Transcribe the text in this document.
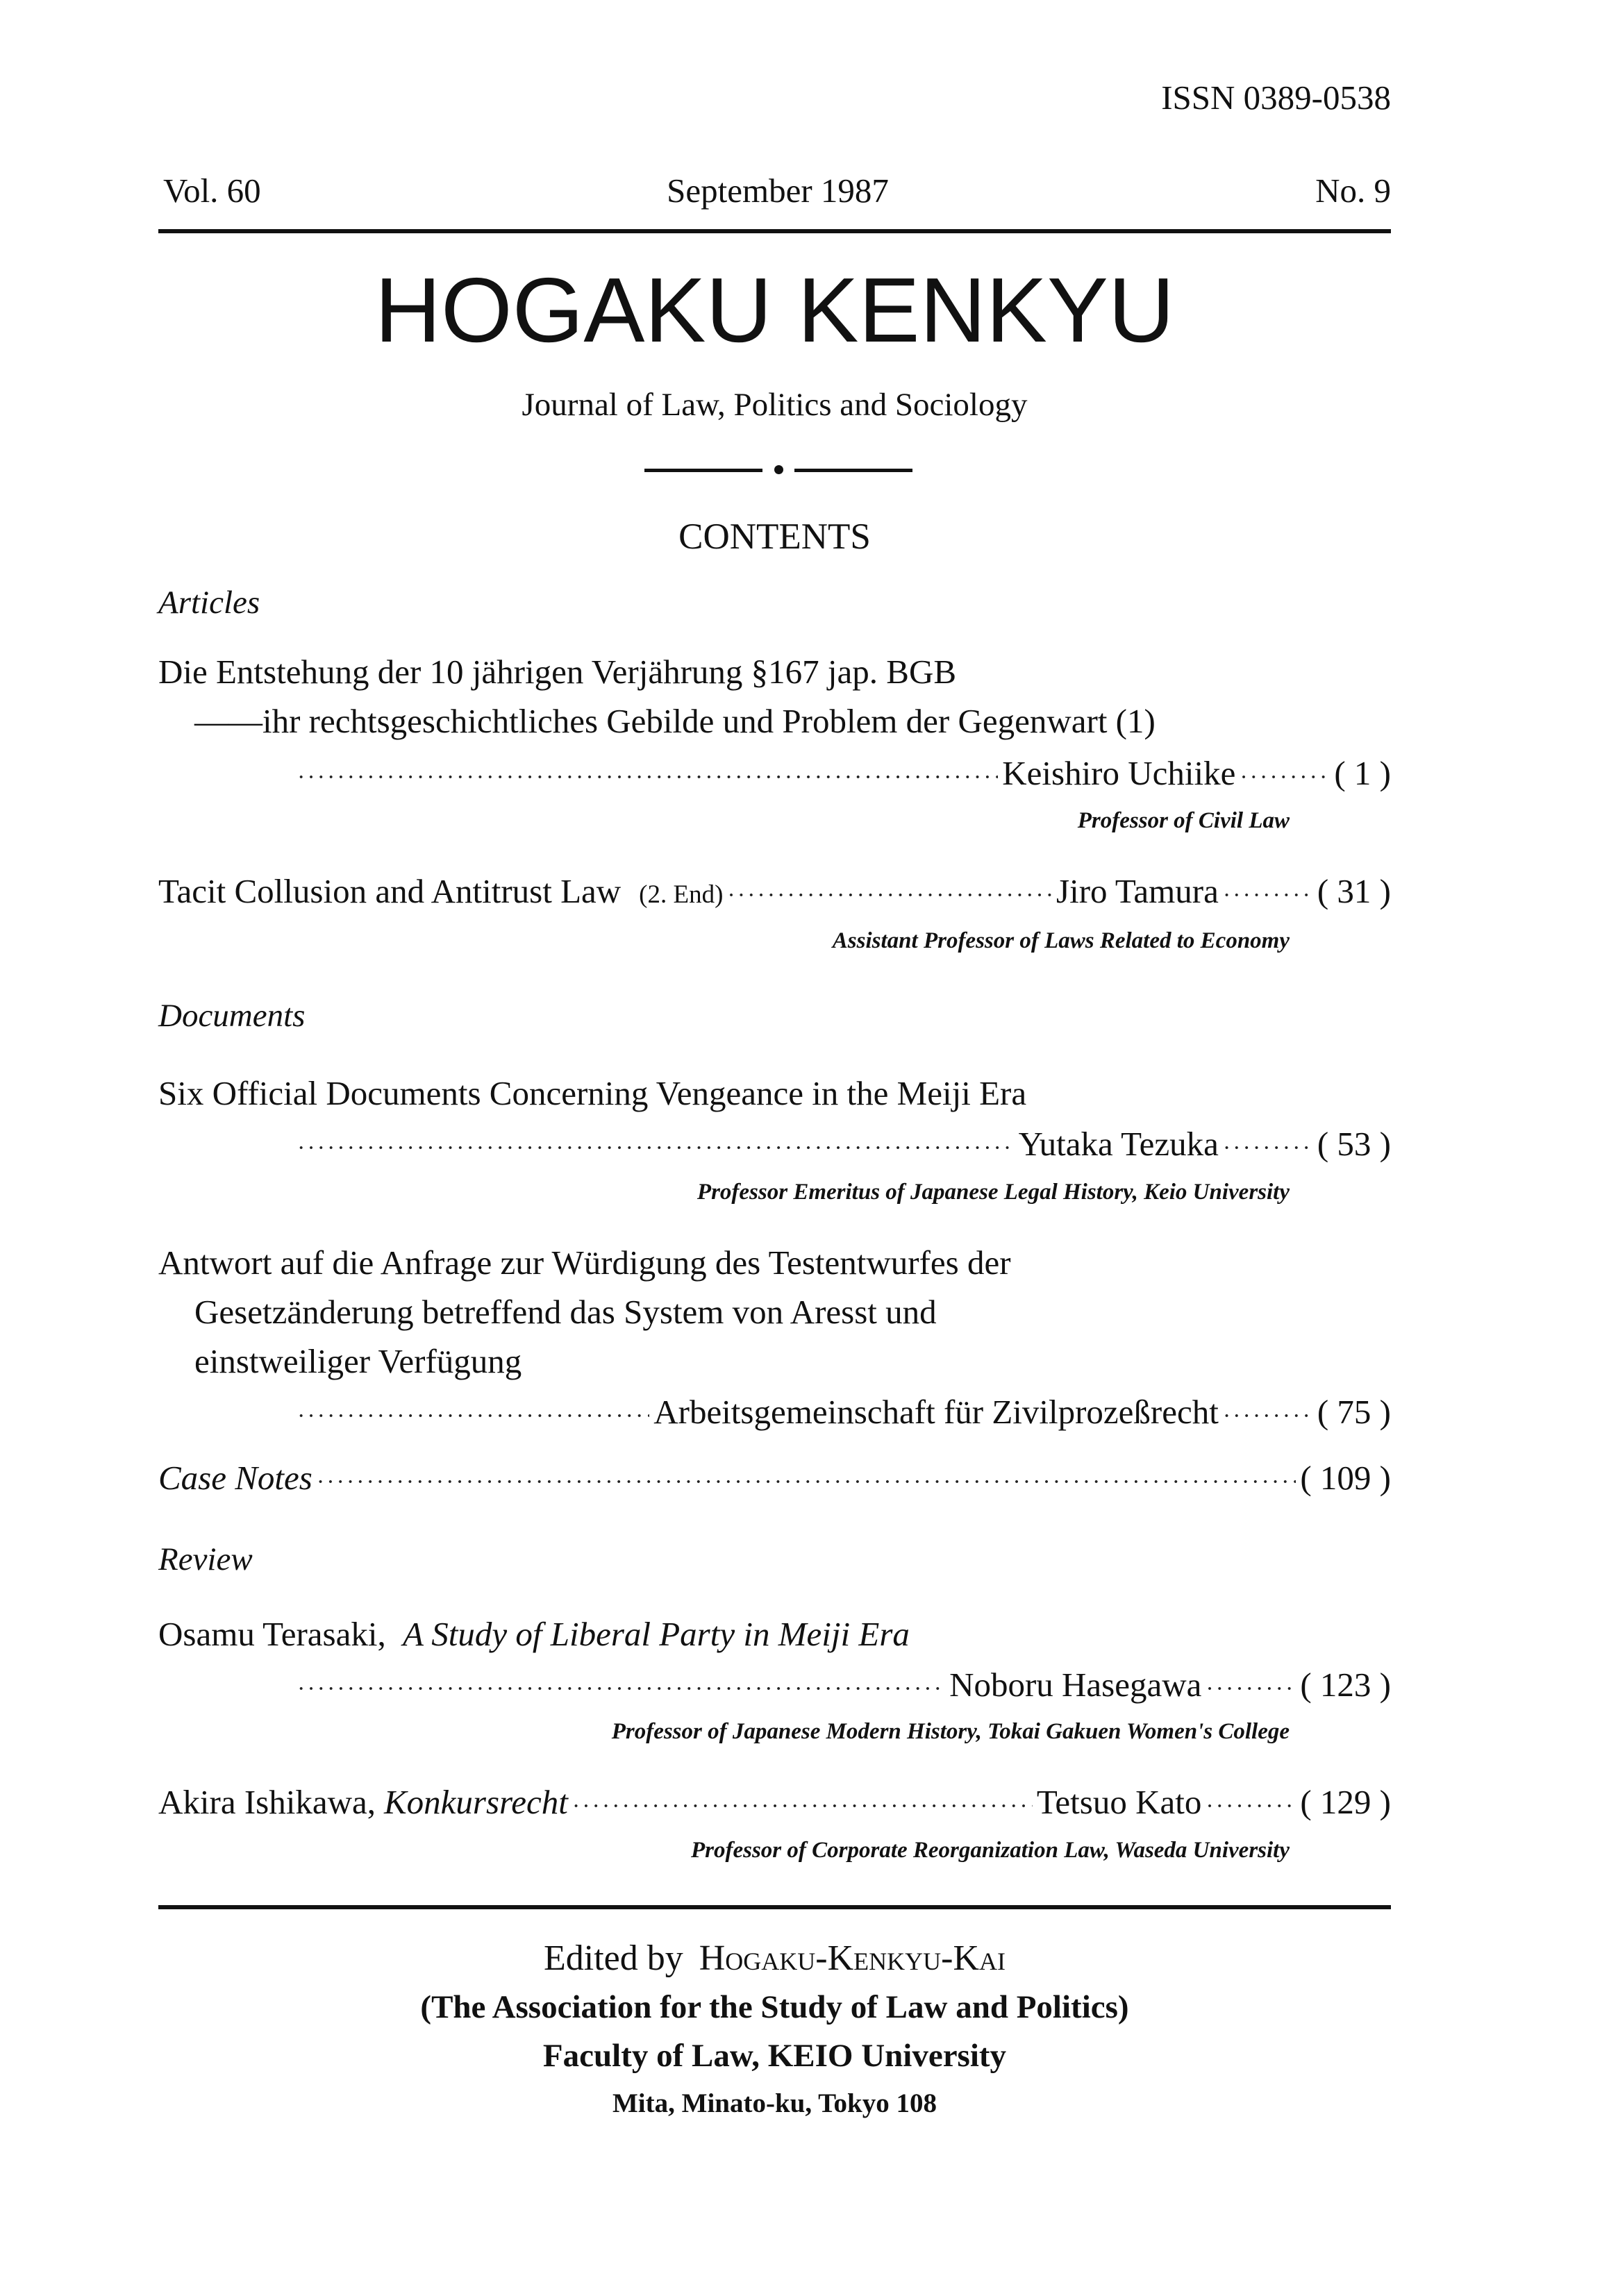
ISSN 0389-0538
Vol. 60	September 1987	No. 9
HOGAKU KENKYU
Journal of Law, Politics and Sociology
CONTENTS
Articles
Die Entstehung der 10 jährigen Verjährung §167 jap. BGB
——ihr rechtsgeschichtliches Gebilde und Problem der Gegenwart (1)
·····
Keishiro Uchiike ·····	( 1 )
Professor of Civil Law
Tacit Collusion and Antitrust Law (2. End) ·····	Jiro Tamura ·····	( 31 )
Assistant Professor of Laws Related to Economy
Documents
Six Official Documents Concerning Vengeance in the Meiji Era
·····
Yutaka Tezuka ·····	( 53 )
Professor Emeritus of Japanese Legal History, Keio University
Antwort auf die Anfrage zur Würdigung des Testentwurfes der
Gesetzänderung betreffend das System von Aresst und
einstweiliger Verfügung
·····
Arbeitsgemeinschaft für Zivilprozeßrecht ·····	( 75 )
Case Notes ·····	( 109 )
Review
Osamu Terasaki, A Study of Liberal Party in Meiji Era
·····
Noboru Hasegawa ·····	( 123 )
Professor of Japanese Modern History, Tokai Gakuen Women's College
Akira Ishikawa, Konkursrecht ·····	Tetsuo Kato ·····	( 129 )
Professor of Corporate Reorganization Law, Waseda University
Edited by Hogaku-Kenkyu-Kai
(The Association for the Study of Law and Politics)
Faculty of Law, KEIO University
Mita, Minato-ku, Tokyo 108
